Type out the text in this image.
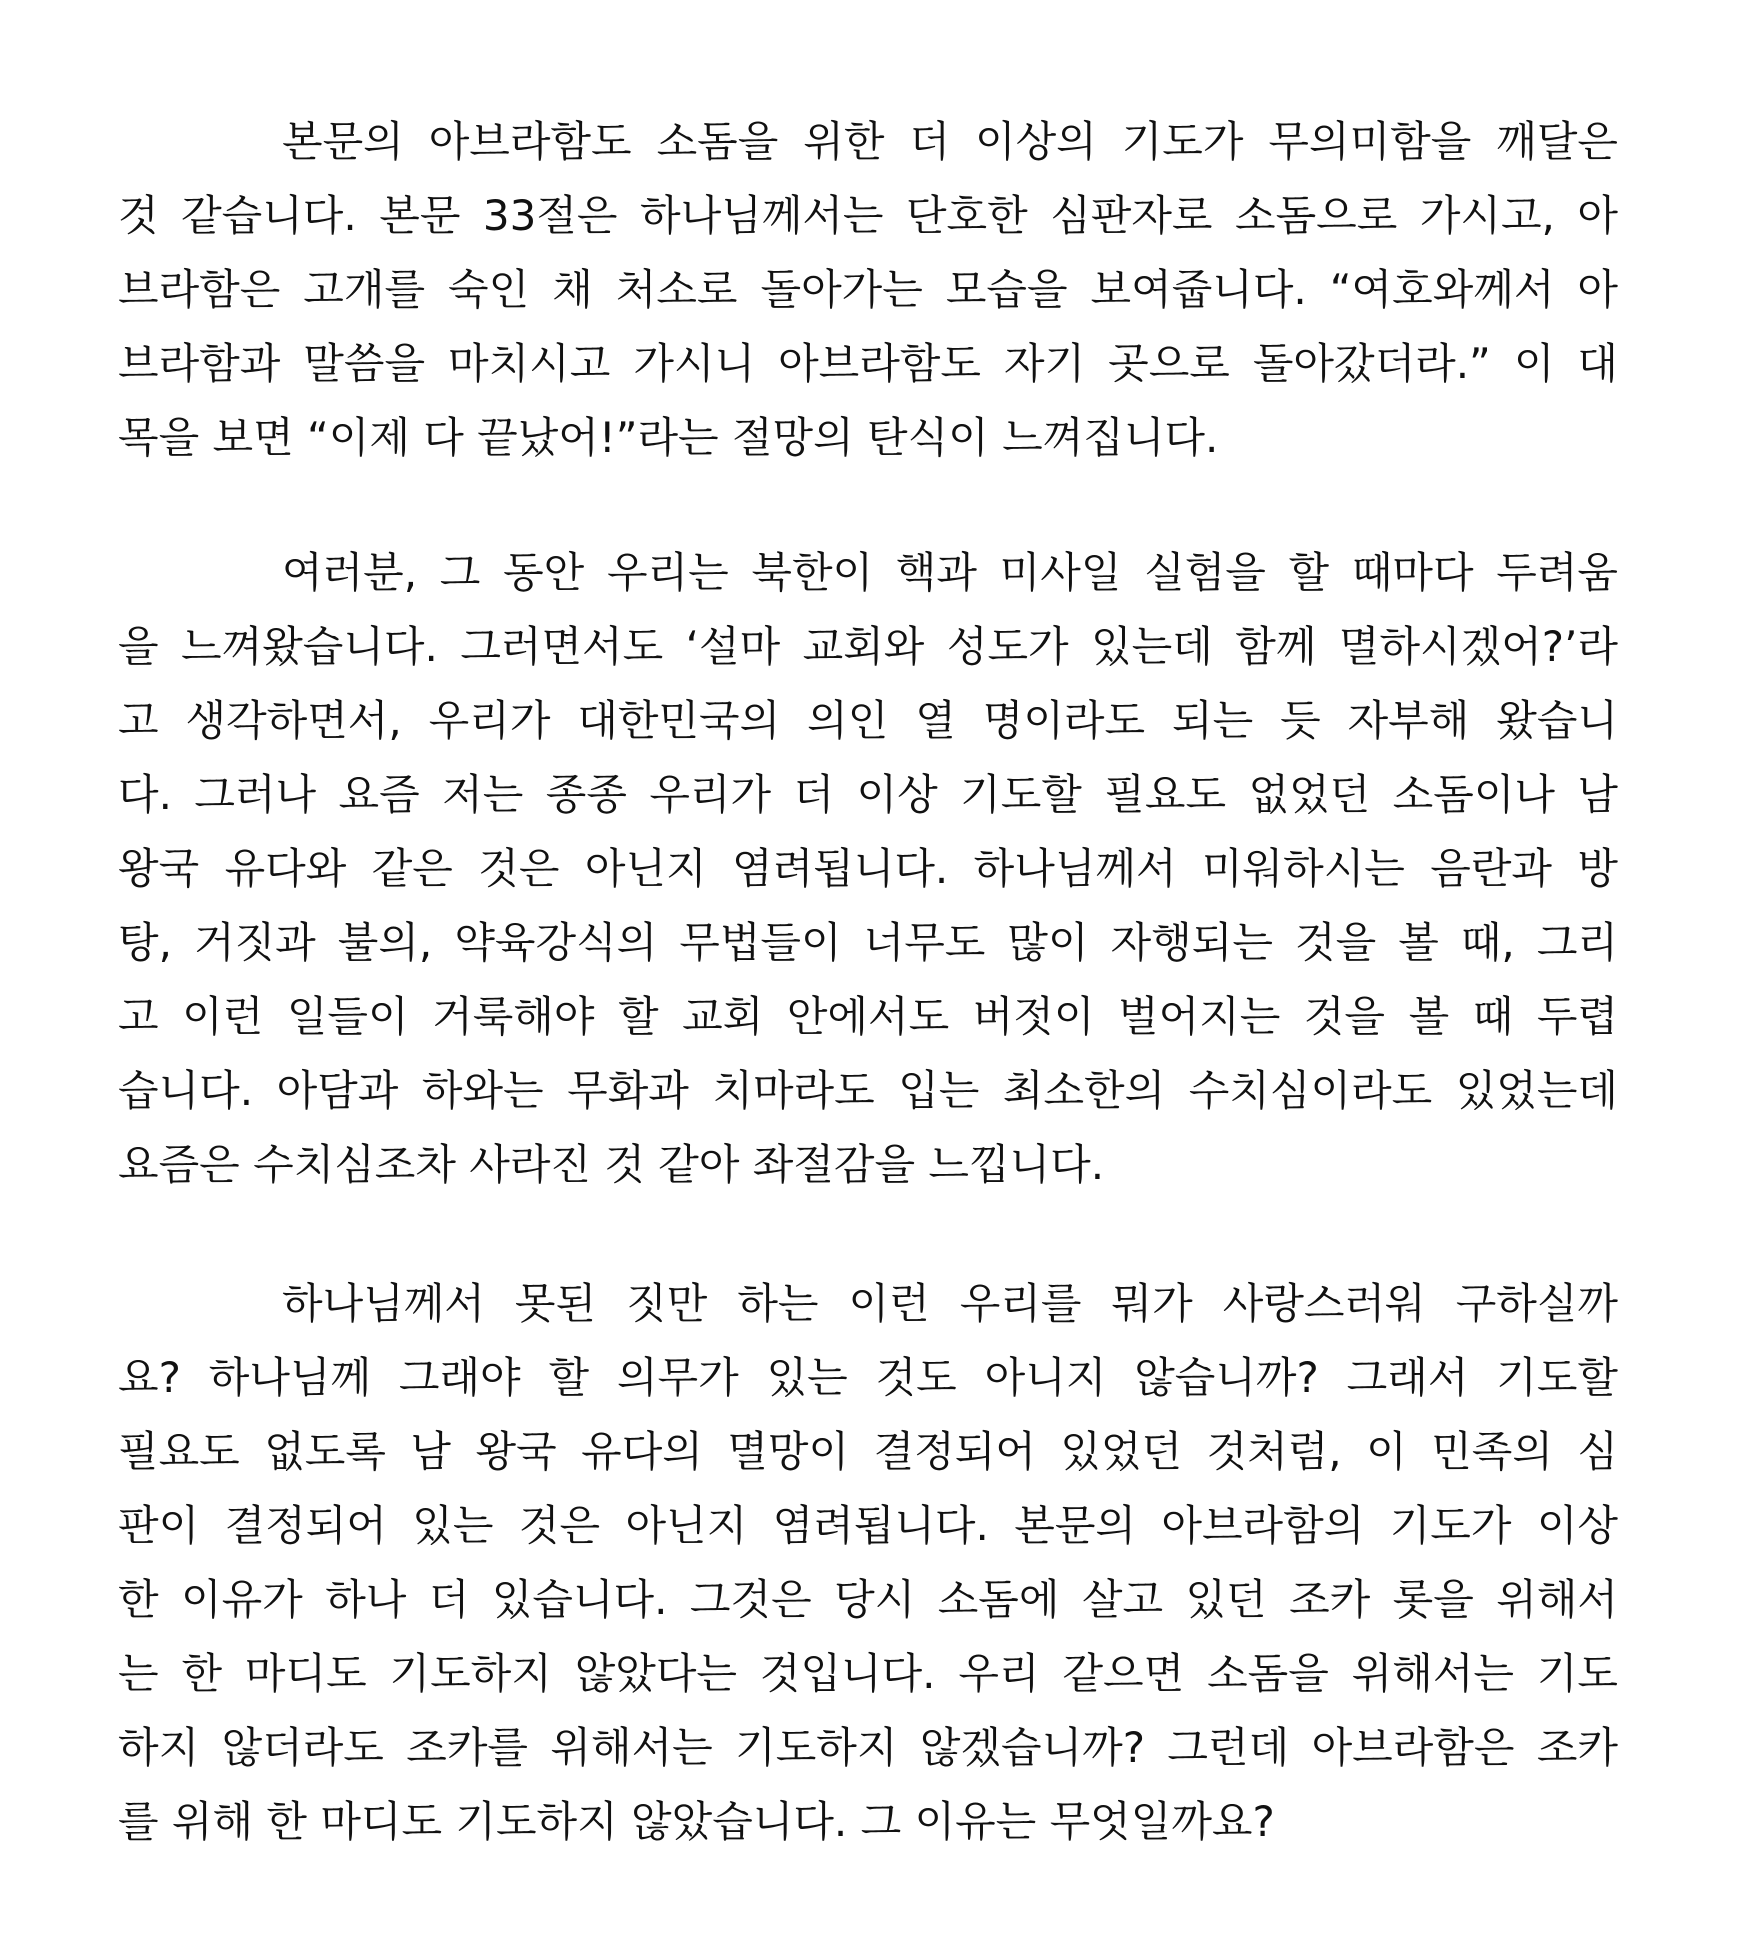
본문의 아브라함도 소돔을 위한 더 이상의 기도가 무의미함을 깨달은
것 같습니다. 본문 33절은 하나님께서는 단호한 심판자로 소돔으로 가시고, 아
브라함은 고개를 숙인 채 처소로 돌아가는 모습을 보여줍니다. “여호와께서 아
브라함과 말씀을 마치시고 가시니 아브라함도 자기 곳으로 돌아갔더라.” 이 대
목을 보면 “이제 다 끝났어!”라는 절망의 탄식이 느껴집니다.
여러분, 그 동안 우리는 북한이 핵과 미사일 실험을 할 때마다 두려움
을 느껴왔습니다. 그러면서도 ‘설마 교회와 성도가 있는데 함께 멸하시겠어?’라
고 생각하면서, 우리가 대한민국의 의인 열 명이라도 되는 듯 자부해 왔습니
다. 그러나 요즘 저는 종종 우리가 더 이상 기도할 필요도 없었던 소돔이나 남
왕국 유다와 같은 것은 아닌지 염려됩니다. 하나님께서 미워하시는 음란과 방
탕, 거짓과 불의, 약육강식의 무법들이 너무도 많이 자행되는 것을 볼 때, 그리
고 이런 일들이 거룩해야 할 교회 안에서도 버젓이 벌어지는 것을 볼 때 두렵
습니다. 아담과 하와는 무화과 치마라도 입는 최소한의 수치심이라도 있었는데
요즘은 수치심조차 사라진 것 같아 좌절감을 느낍니다.
하나님께서 못된 짓만 하는 이런 우리를 뭐가 사랑스러워 구하실까
요? 하나님께 그래야 할 의무가 있는 것도 아니지 않습니까? 그래서 기도할
필요도 없도록 남 왕국 유다의 멸망이 결정되어 있었던 것처럼, 이 민족의 심
판이 결정되어 있는 것은 아닌지 염려됩니다. 본문의 아브라함의 기도가 이상
한 이유가 하나 더 있습니다. 그것은 당시 소돔에 살고 있던 조카 롯을 위해서
는 한 마디도 기도하지 않았다는 것입니다. 우리 같으면 소돔을 위해서는 기도
하지 않더라도 조카를 위해서는 기도하지 않겠습니까? 그런데 아브라함은 조카
를 위해 한 마디도 기도하지 않았습니다. 그 이유는 무엇일까요?
